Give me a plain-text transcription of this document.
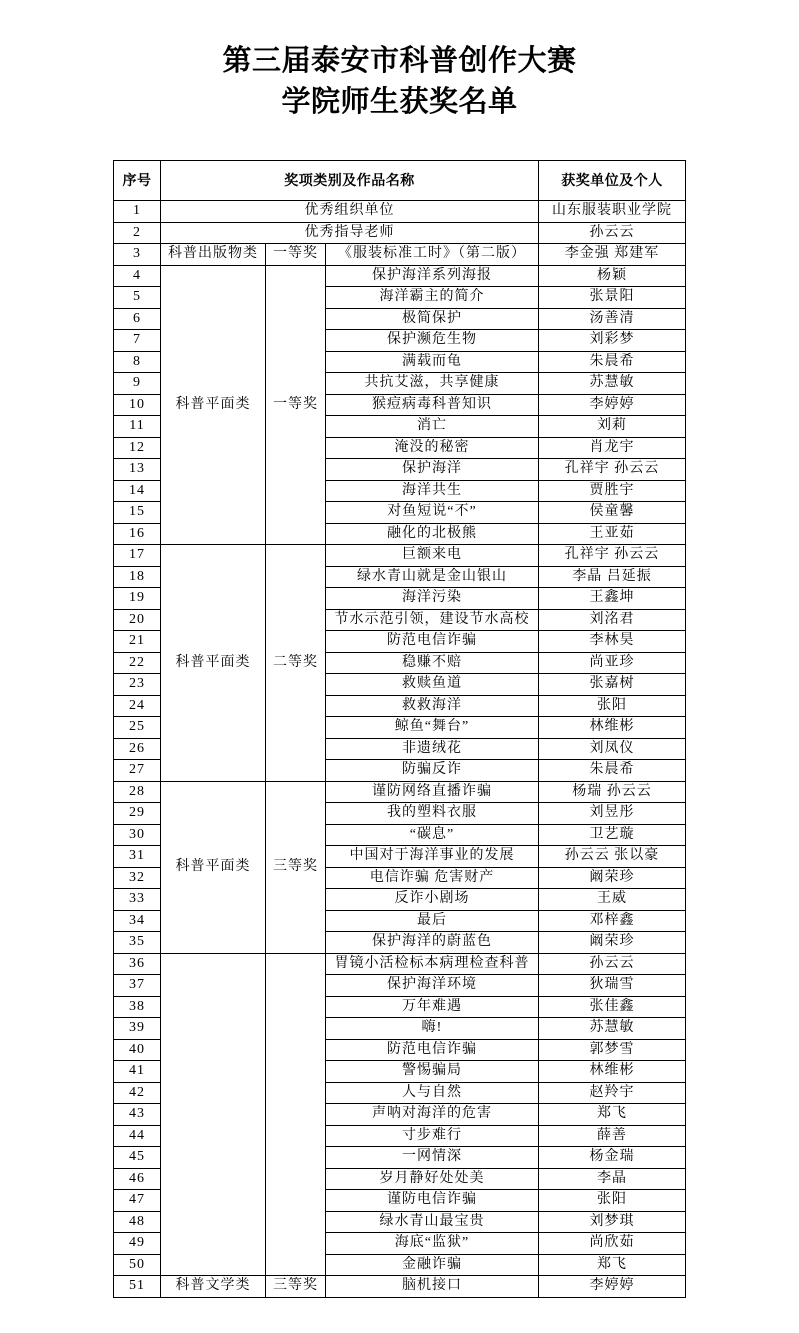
第三届泰安市科普创作大赛
学院师生获奖名单
序号	奖项类别及作品名称			获奖单位及个人
1	优秀组织单位			山东服装职业学院
2	优秀指导老师			孙云云
3	科普出版物类	一等奖	《服装标准工时》（第二版）	李金强 郑建军
4	科普平面类	一等奖	保护海洋系列海报	杨颖
5			海洋霸主的简介	张景阳
6			极简保护	汤善清
7			保护濒危生物	刘彩梦
8			满载而龟	朱晨希
9			共抗艾滋，共享健康	苏慧敏
10			猴痘病毒科普知识	李婷婷
11			消亡	刘莉
12			淹没的秘密	肖龙宇
13			保护海洋	孔祥宇 孙云云
14			海洋共生	贾胜宇
15			对鱼短说“不”	侯童馨
16			融化的北极熊	王亚茹
17	科普平面类	二等奖	巨额来电	孔祥宇 孙云云
18			绿水青山就是金山银山	李晶 吕延振
19			海洋污染	王鑫坤
20			节水示范引领，建设节水高校	刘洺君
21			防范电信诈骗	李林昊
22			稳赚不赔	尚亚珍
23			救赎鱼道	张嘉树
24			救救海洋	张阳
25			鲸鱼“舞台”	林维彬
26			非遗绒花	刘凤仪
27			防骗反诈	朱晨希
28	科普平面类	三等奖	谨防网络直播诈骗	杨瑞 孙云云
29			我的塑料衣服	刘昱彤
30			“碳息”	卫艺璇
31			中国对于海洋事业的发展	孙云云 张以豪
32			电信诈骗 危害财产	阚荣珍
33			反诈小剧场	王威
34			最后	邓梓鑫
35			保护海洋的蔚蓝色	阚荣珍
36			胃镜小活检标本病理检查科普	孙云云
37			保护海洋环境	狄瑞雪
38			万年难遇	张佳鑫
39			嗨!	苏慧敏
40			防范电信诈骗	郭梦雪
41			警惕骗局	林维彬
42			人与自然	赵羚宇
43			声呐对海洋的危害	郑飞
44			寸步难行	薛善
45			一网情深	杨金瑞
46			岁月静好处处美	李晶
47			谨防电信诈骗	张阳
48			绿水青山最宝贵	刘梦琪
49			海底“监狱”	尚欣茹
50			金融诈骗	郑飞
51	科普文学类	三等奖	脑机接口	李婷婷
